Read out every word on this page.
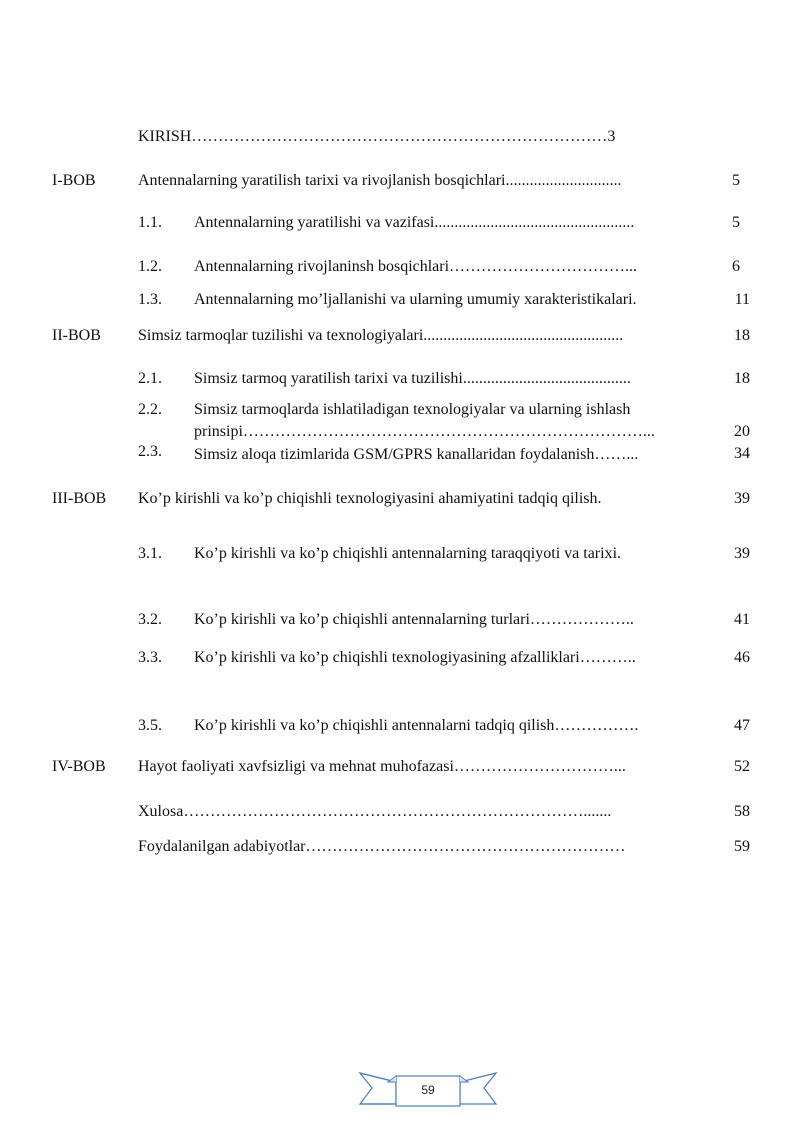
KIRISH……………………………………………………………………3
I-BOB	Antennalarning yaratilish tarixi va rivojlanish bosqichlari.............................	5
1.1. Antennalarning yaratilishi va vazifasi..................................................	5
1.2. Antennalarning rivojlaninsh bosqichlari……………………………...	6
1.3. Antennalarning mo’ljallanishi va ularning umumiy xarakteristikalari.	11
II-BOB Simsiz tarmoqlar tuzilishi va texnologiyalari..................................................	18
2.1. Simsiz tarmoq yaratilish tarixi va tuzilishi..........................................	18
2.2. Simsiz tarmoqlarda ishlatiladigan texnologiyalar va ularning ishlash
prinsipi…………………………………………………………………...	20
2.3. Simsiz aloqa tizimlarida GSM/GPRS kanallaridan foydalanish……...	34
III-BOB Ko’p kirishli va ko’p chiqishli texnologiyasini ahamiyatini tadqiq qilish.	39
3.1. Ko’p kirishli va ko’p chiqishli antennalarning taraqqiyoti va tarixi.	39
3.2. Ko’p kirishli va ko’p chiqishli antennalarning turlari………………..	41
3.3. Ko’p kirishli va ko’p chiqishli texnologiyasining afzalliklari………..	46
3.5. Ko’p kirishli va ko’p chiqishli antennalarni tadqiq qilish…………….	47
IV-BOB Hayot faoliyati xavfsizligi va mehnat muhofazasi…………………………...	52
Xulosa………………………………………………………………….......	58
Foydalanilgan adabiyotlar……………………………………………………	59
59
